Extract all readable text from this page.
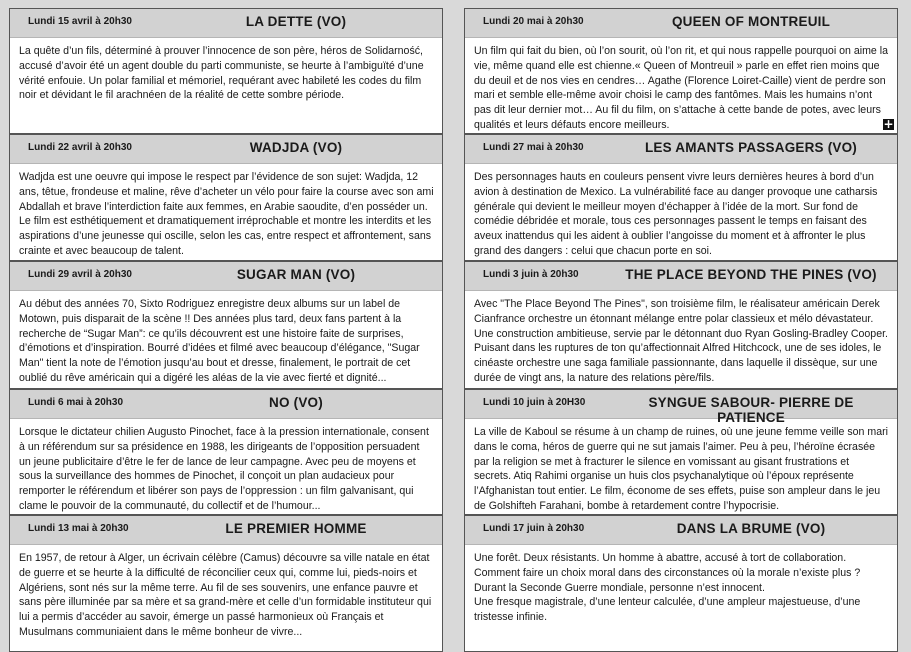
Lundi 15 avril à 20h30	LA DETTE (VO)
La quête d’un fils, déterminé à prouver l’innocence de son père, héros de Solidarność, accusé d’avoir été un agent double du parti communiste, se heurte à l’ambiguïté d’une vérité enfouie. Un polar familial et mémoriel, requérant avec habileté les codes du film noir et dévidant le fil arachnéen de la réalité de cette sombre période.
Lundi 22 avril à 20h30	WADJDA (VO)
Wadjda est une oeuvre qui impose le respect par l’évidence de son sujet: Wadjda, 12 ans, têtue, frondeuse et maline, rêve d’acheter un vélo pour faire la course avec son ami Abdallah et brave l’interdiction faite aux femmes, en Arabie saoudite, d’en posséder un. Le film est esthétiquement et dramatiquement irréprochable et montre les interdits et les aspirations d’une jeunesse qui oscille, selon les cas, entre respect et affrontement, sans crainte et avec beaucoup de talent.
Lundi 29 avril à 20h30	SUGAR MAN (VO)
Au début des années 70, Sixto Rodriguez enregistre deux albums sur un label de Motown, puis disparait de la scène !! Des années plus tard, deux fans partent à la recherche de “Sugar Man”: ce qu’ils découvrent est une histoire faite de surprises, d’émotions et d’inspiration. Bourré d’idées et filmé avec beaucoup d’élégance, "Sugar Man" tient la note de l’émotion jusqu’au bout et dresse, finalement, le portrait de cet oublié du rêve américain qui a digéré les aléas de la vie avec fierté et dignité...
Lundi 6 mai à 20h30	NO (VO)
Lorsque le dictateur chilien Augusto Pinochet, face à la pression internationale, consent à un référendum sur sa présidence en 1988, les dirigeants de l’opposition persuadent un jeune publicitaire d’être le fer de lance de leur campagne. Avec peu de moyens et sous la surveillance des hommes de Pinochet, il conçoit un plan audacieux pour remporter le référendum et libérer son pays de l’oppression : un film galvanisant, qui clame le pouvoir de la communauté, du collectif et de l’humour...
Lundi 13 mai à 20h30	LE PREMIER HOMME
En 1957, de retour à Alger, un écrivain célèbre (Camus) découvre sa ville natale en état de guerre et se heurte à la difficulté de réconcilier ceux qui, comme lui, pieds-noirs et Algériens, sont nés sur la même terre. Au fil de ses souvenirs, une enfance pauvre et sans père illuminée par sa mère et sa grand-mère et celle d’un formidable instituteur qui lui a permis d’accéder au savoir, émerge un passé harmonieux où Français et Musulmans communiaient dans le même bonheur de vivre...
Lundi 20 mai à 20h30	QUEEN OF MONTREUIL
Un film qui fait du bien, où l’on sourit, où l’on rit, et qui nous rappelle pourquoi on aime la vie, même quand elle est chienne.« Queen of Montreuil » parle en effet rien moins que du deuil et de nos vies en cendres… Agathe (Florence Loiret-Caille) vient de perdre son mari et semble elle-même avoir choisi le camp des fantômes. Mais les humains n’ont pas dit leur dernier mot… Au fil du film, on s’attache à cette bande de potes, avec leurs qualités et leurs défauts encore meilleurs.	+
Lundi 27 mai à 20h30	LES AMANTS PASSAGERS (VO)
Des personnages hauts en couleurs pensent vivre leurs dernières heures à bord d’un avion à destination de Mexico. La vulnérabilité face au danger provoque une catharsis générale qui devient le meilleur moyen d’échapper à l’idée de la mort. Sur fond de comédie débridée et morale, tous ces personnages passent le temps en faisant des aveux inattendus qui les aident à oublier l’angoisse du moment et à affronter le plus grand des dangers : celui que chacun porte en soi.
Lundi 3 juin à 20h30	THE PLACE BEYOND THE PINES (VO)
Avec "The Place Beyond The Pines", son troisième film, le réalisateur américain Derek Cianfrance orchestre un étonnant mélange entre polar classieux et mélo dévastateur. Une construction ambitieuse, servie par le détonnant duo Ryan Gosling-Bradley Cooper. Puisant dans les ruptures de ton qu’affectionnait Alfred Hitchcock, une de ses idoles, le cinéaste orchestre une saga familiale passionnante, dans laquelle il dissèque, sur une durée de vingt ans, la nature des relations père/fils.
Lundi 10 juin à 20H30	SYNGUE SABOUR- PIERRE DE PATIENCE
La ville de Kaboul se résume à un champ de ruines, où une jeune femme veille son mari dans le coma, héros de guerre qui ne sut jamais l’aimer. Peu à peu, l’héroïne écrasée par la religion se met à fracturer le silence en vomissant au gisant frustrations et secrets. Atiq Rahimi organise un huis clos psychanalytique où l’époux représente l’Afghanistan tout entier. Le film, économe de ses effets, puise son ampleur dans le jeu de Golshifteh Farahani, bombe à retardement contre l’hypocrisie.
Lundi 17 juin à 20h30	DANS LA BRUME (VO)
Une forêt. Deux résistants. Un homme à abattre, accusé à tort de collaboration. Comment faire un choix moral dans des circonstances où la morale n’existe plus ? Durant la Seconde Guerre mondiale, personne n’est innocent.
Une fresque magistrale, d’une lenteur calculée, d’une ampleur majestueuse, d’une tristesse infinie.
